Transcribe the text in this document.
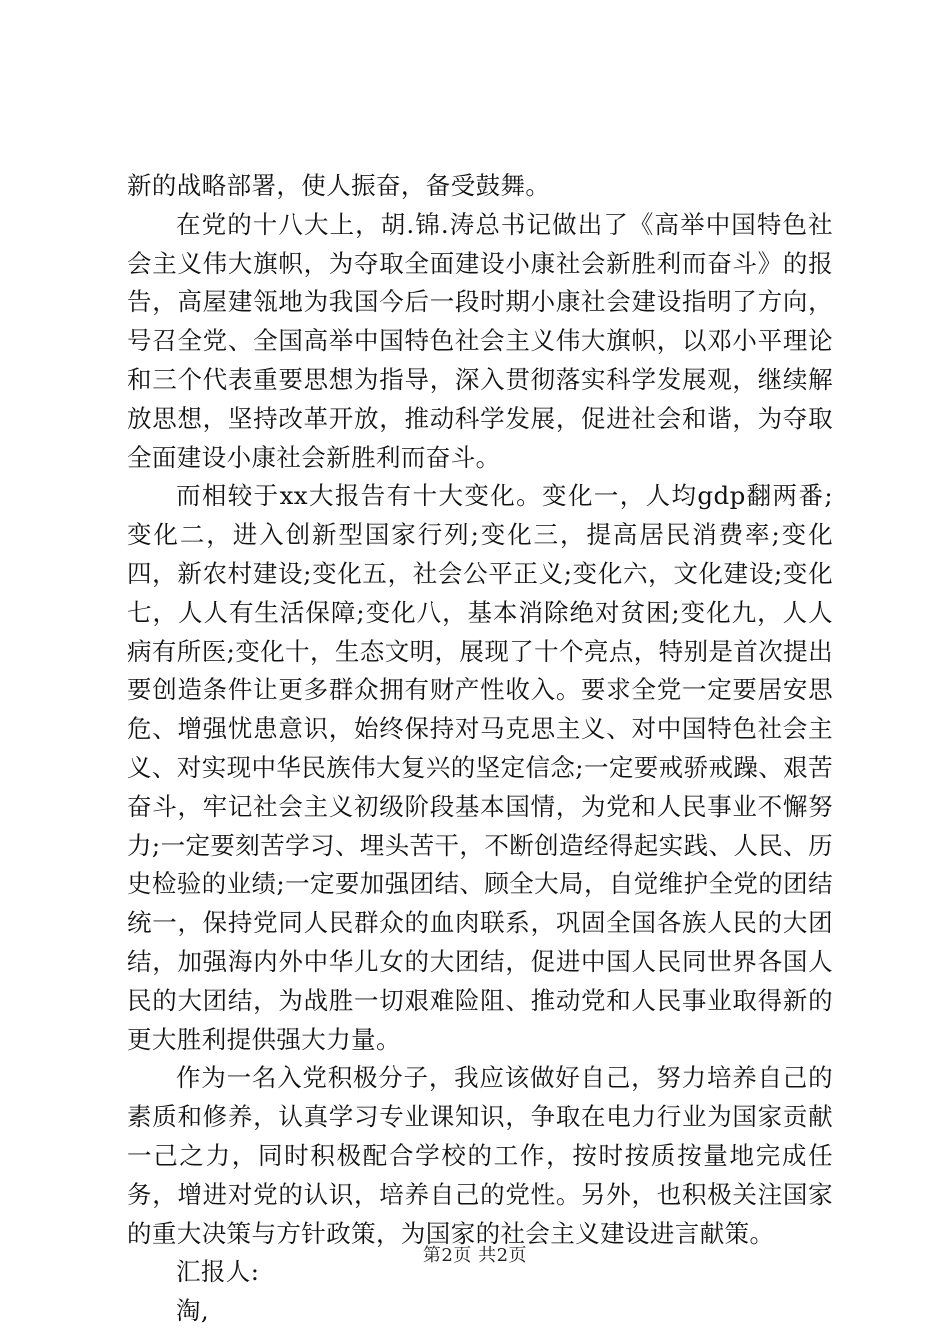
新的战略部署，使人振奋，备受鼓舞。

在党的十八大上，胡.锦.涛总书记做出了《高举中国特色社会主义伟大旗帜，为夺取全面建设小康社会新胜利而奋斗》的报告，高屋建瓴地为我国今后一段时期小康社会建设指明了方向，号召全党、全国高举中国特色社会主义伟大旗帜，以邓小平理论和三个代表重要思想为指导，深入贯彻落实科学发展观，继续解放思想，坚持改革开放，推动科学发展，促进社会和谐，为夺取全面建设小康社会新胜利而奋斗。

而相较于xx大报告有十大变化。变化一，人均gdp翻两番;变化二，进入创新型国家行列;变化三，提高居民消费率;变化四，新农村建设;变化五，社会公平正义;变化六，文化建设;变化七，人人有生活保障;变化八，基本消除绝对贫困;变化九，人人病有所医;变化十，生态文明，展现了十个亮点，特别是首次提出要创造条件让更多群众拥有财产性收入。要求全党一定要居安思危、增强忧患意识，始终保持对马克思主义、对中国特色社会主义、对实现中华民族伟大复兴的坚定信念;一定要戒骄戒躁、艰苦奋斗，牢记社会主义初级阶段基本国情，为党和人民事业不懈努力;一定要刻苦学习、埋头苦干，不断创造经得起实践、人民、历史检验的业绩;一定要加强团结、顾全大局，自觉维护全党的团结统一，保持党同人民群众的血肉联系，巩固全国各族人民的大团结，加强海内外中华儿女的大团结，促进中国人民同世界各国人民的大团结，为战胜一切艰难险阻、推动党和人民事业取得新的更大胜利提供强大力量。

作为一名入党积极分子，我应该做好自己，努力培养自己的素质和修养，认真学习专业课知识，争取在电力行业为国家贡献一己之力，同时积极配合学校的工作，按时按质按量地完成任务，增进对党的认识，培养自己的党性。另外，也积极关注国家的重大决策与方针政策，为国家的社会主义建设进言献策。

汇报人:

淘,

第2页 共2页
